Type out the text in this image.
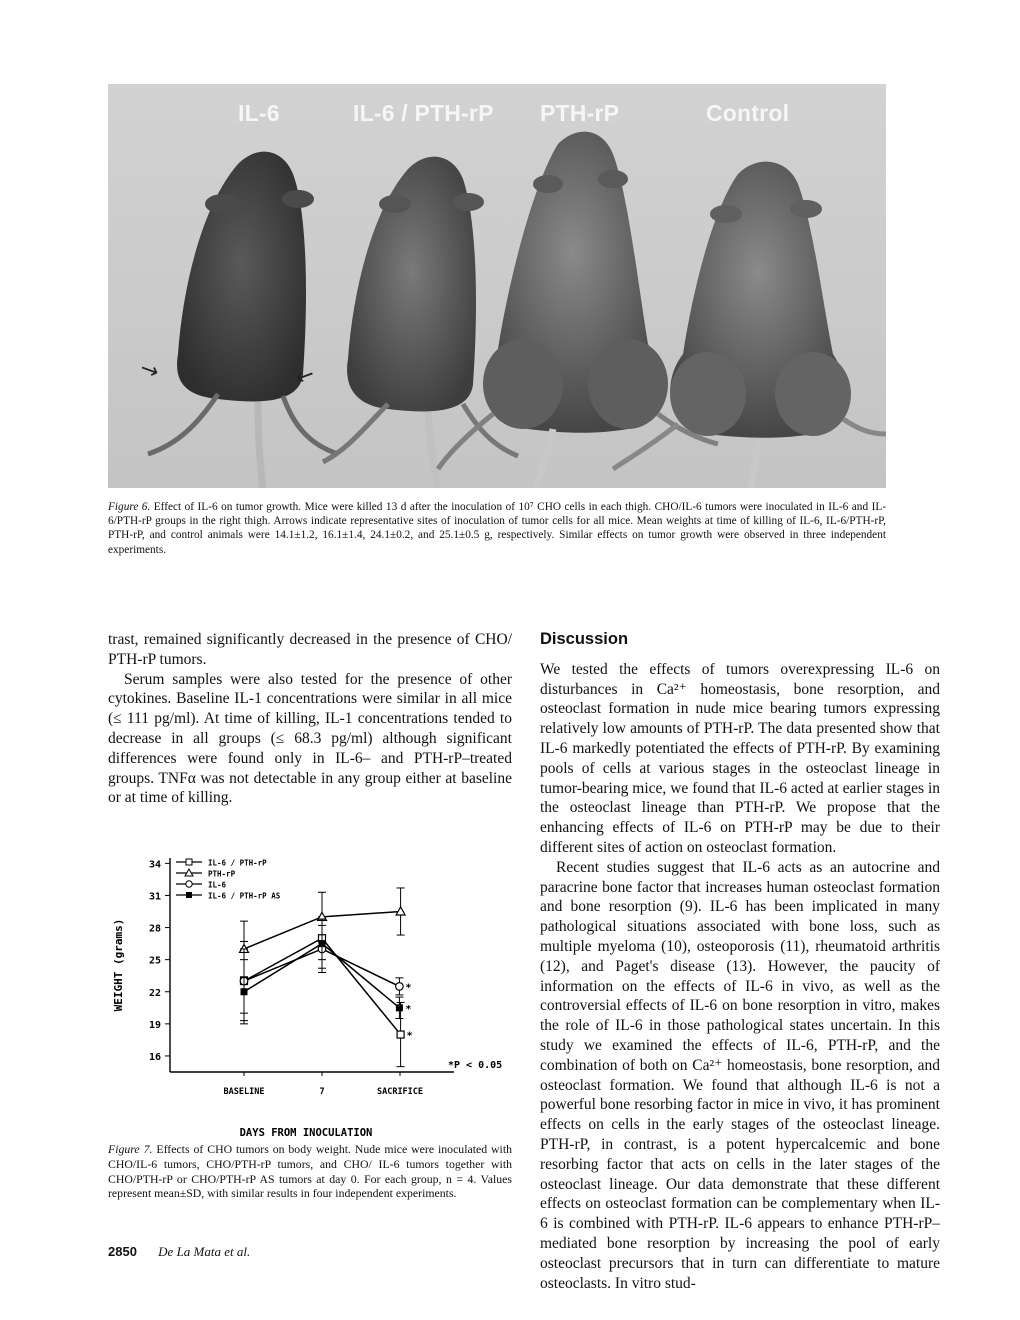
IL-6	IL-6 / PTH-rP PTH-rP	Control
→	←
Figure 6. Effect of IL-6 on tumor growth. Mice were killed 13 d after the inoculation of 10⁷ CHO cells in each thigh. CHO/IL-6 tumors were inoculated in IL-6 and IL-6/PTH-rP groups in the right thigh. Arrows indicate representative sites of inoculation of tumor cells for all mice. Mean weights at time of killing of IL-6, IL-6/PTH-rP, PTH-rP, and control animals were 14.1±1.2, 16.1±1.4, 24.1±0.2, and 25.1±0.5 g, respectively. Similar effects on tumor growth were observed in three independent experiments.

trast, remained significantly decreased in the presence of CHO/ PTH-rP tumors.

Serum samples were also tested for the presence of other cytokines. Baseline IL-1 concentrations were similar in all mice (≤ 111 pg/ml). At time of killing, IL-1 concentrations tended to decrease in all groups (≤ 68.3 pg/ml) although significant differences were found only in IL-6– and PTH-rP–treated groups. TNFα was not detectable in any group either at baseline or at time of killing.

16
19
22
25
28
31
34
WEIGHT (grams)
BASELINE	7	SACRIFICE
DAYS FROM INOCULATION
*P < 0.05
*
*
*
IL-6 / PTH-rP
PTH-rP
IL-6
IL-6 / PTH-rP AS
Figure 7. Effects of CHO tumors on body weight. Nude mice were inoculated with CHO/IL-6 tumors, CHO/PTH-rP tumors, and CHO/ IL-6 tumors together with CHO/PTH-rP or CHO/PTH-rP AS tumors at day 0. For each group, n = 4. Values represent mean±SD, with similar results in four independent experiments.
Discussion

We tested the effects of tumors overexpressing IL-6 on disturbances in Ca²⁺ homeostasis, bone resorption, and osteoclast formation in nude mice bearing tumors expressing relatively low amounts of PTH-rP. The data presented show that IL-6 markedly potentiated the effects of PTH-rP. By examining pools of cells at various stages in the osteoclast lineage in tumor-bearing mice, we found that IL-6 acted at earlier stages in the osteoclast lineage than PTH-rP. We propose that the enhancing effects of IL-6 on PTH-rP may be due to their different sites of action on osteoclast formation.

Recent studies suggest that IL-6 acts as an autocrine and paracrine bone factor that increases human osteoclast formation and bone resorption (9). IL-6 has been implicated in many pathological situations associated with bone loss, such as multiple myeloma (10), osteoporosis (11), rheumatoid arthritis (12), and Paget's disease (13). However, the paucity of information on the effects of IL-6 in vivo, as well as the controversial effects of IL-6 on bone resorption in vitro, makes the role of IL-6 in those pathological states uncertain. In this study we examined the effects of IL-6, PTH-rP, and the combination of both on Ca²⁺ homeostasis, bone resorption, and osteoclast formation. We found that although IL-6 is not a powerful bone resorbing factor in mice in vivo, it has prominent effects on cells in the early stages of the osteoclast lineage. PTH-rP, in contrast, is a potent hypercalcemic and bone resorbing factor that acts on cells in the later stages of the osteoclast lineage. Our data demonstrate that these different effects on osteoclast formation can be complementary when IL-6 is combined with PTH-rP. IL-6 appears to enhance PTH-rP–mediated bone resorption by increasing the pool of early osteoclast precursors that in turn can differentiate to mature osteoclasts. In vitro stud-

2850 De La Mata et al.
